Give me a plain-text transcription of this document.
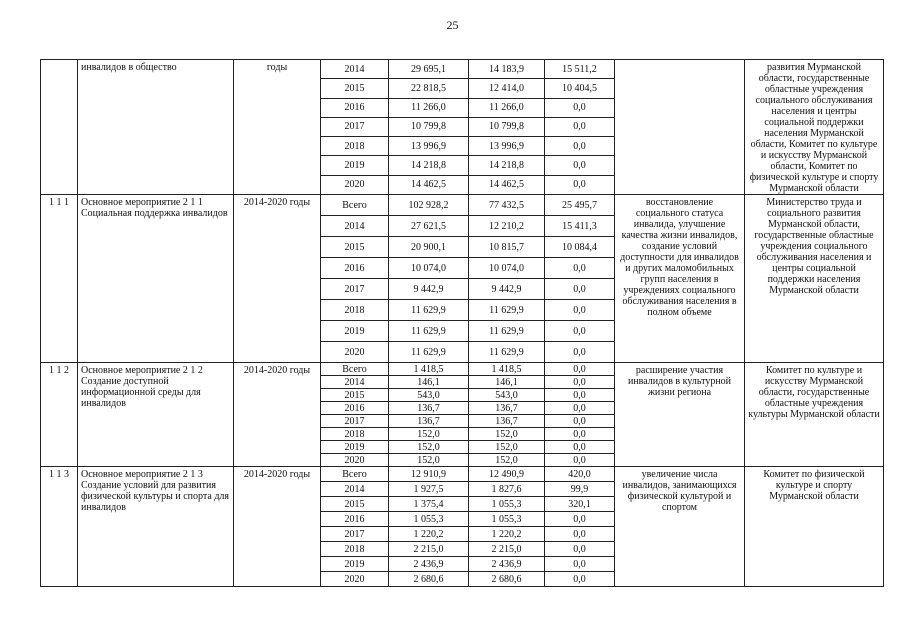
25
	инвалидов в общество	годы	2014	29 695,1	14 183,9	15 511,2		развития Мурманской области, государственные областные учреждения социального обслуживания населения и центры социальной поддержки населения Мурманской области, Комитет по культуре и искусству Мурманской области, Комитет по физической культуре и спорту Мурманской области
			2015	22 818,5	12 414,0	10 404,5		
			2016	11 266,0	11 266,0	0,0		
			2017	10 799,8	10 799,8	0,0		
			2018	13 996,9	13 996,9	0,0		
			2019	14 218,8	14 218,8	0,0		
			2020	14 462,5	14 462,5	0,0		
1 1 1	Основное мероприятие 2 1 1 Социальная поддержка инвалидов	2014-2020 годы	Всего	102 928,2	77 432,5	25 495,7	восстановление социального статуса инвалида, улучшение качества жизни инвалидов, создание условий доступности для инвалидов и других маломобильных групп населения в учреждениях социального обслуживания населения в полном объеме	Министерство труда и социального развития Мурманской области, государственные областные учреждения социального обслуживания населения и центры социальной поддержки населения Мурманской области
			2014	27 621,5	12 210,2	15 411,3		
			2015	20 900,1	10 815,7	10 084,4		
			2016	10 074,0	10 074,0	0,0		
			2017	9 442,9	9 442,9	0,0		
			2018	11 629,9	11 629,9	0,0		
			2019	11 629,9	11 629,9	0,0		
			2020	11 629,9	11 629,9	0,0		
1 1 2	Основное мероприятие 2 1 2 Создание доступной информационной среды для инвалидов	2014-2020 годы	Всего	1 418,5	1 418,5	0,0	расширение участия инвалидов в культурной жизни региона	Комитет по культуре и искусству Мурманской области, государственные областные учреждения культуры Мурманской области
			2014	146,1	146,1	0,0		
			2015	543,0	543,0	0,0		
			2016	136,7	136,7	0,0		
			2017	136,7	136,7	0,0		
			2018	152,0	152,0	0,0		
			2019	152,0	152,0	0,0		
			2020	152,0	152,0	0,0		
1 1 3	Основное мероприятие 2 1 3 Создание условий для развития физической культуры и спорта для инвалидов	2014-2020 годы	Всего	12 910,9	12 490,9	420,0	увеличение числа инвалидов, занимающихся физической культурой и спортом	Комитет по физической культуре и спорту Мурманской области
			2014	1 927,5	1 827,6	99,9		
			2015	1 375,4	1 055,3	320,1		
			2016	1 055,3	1 055,3	0,0		
			2017	1 220,2	1 220,2	0,0		
			2018	2 215,0	2 215,0	0,0		
			2019	2 436,9	2 436,9	0,0		
			2020	2 680,6	2 680,6	0,0		
